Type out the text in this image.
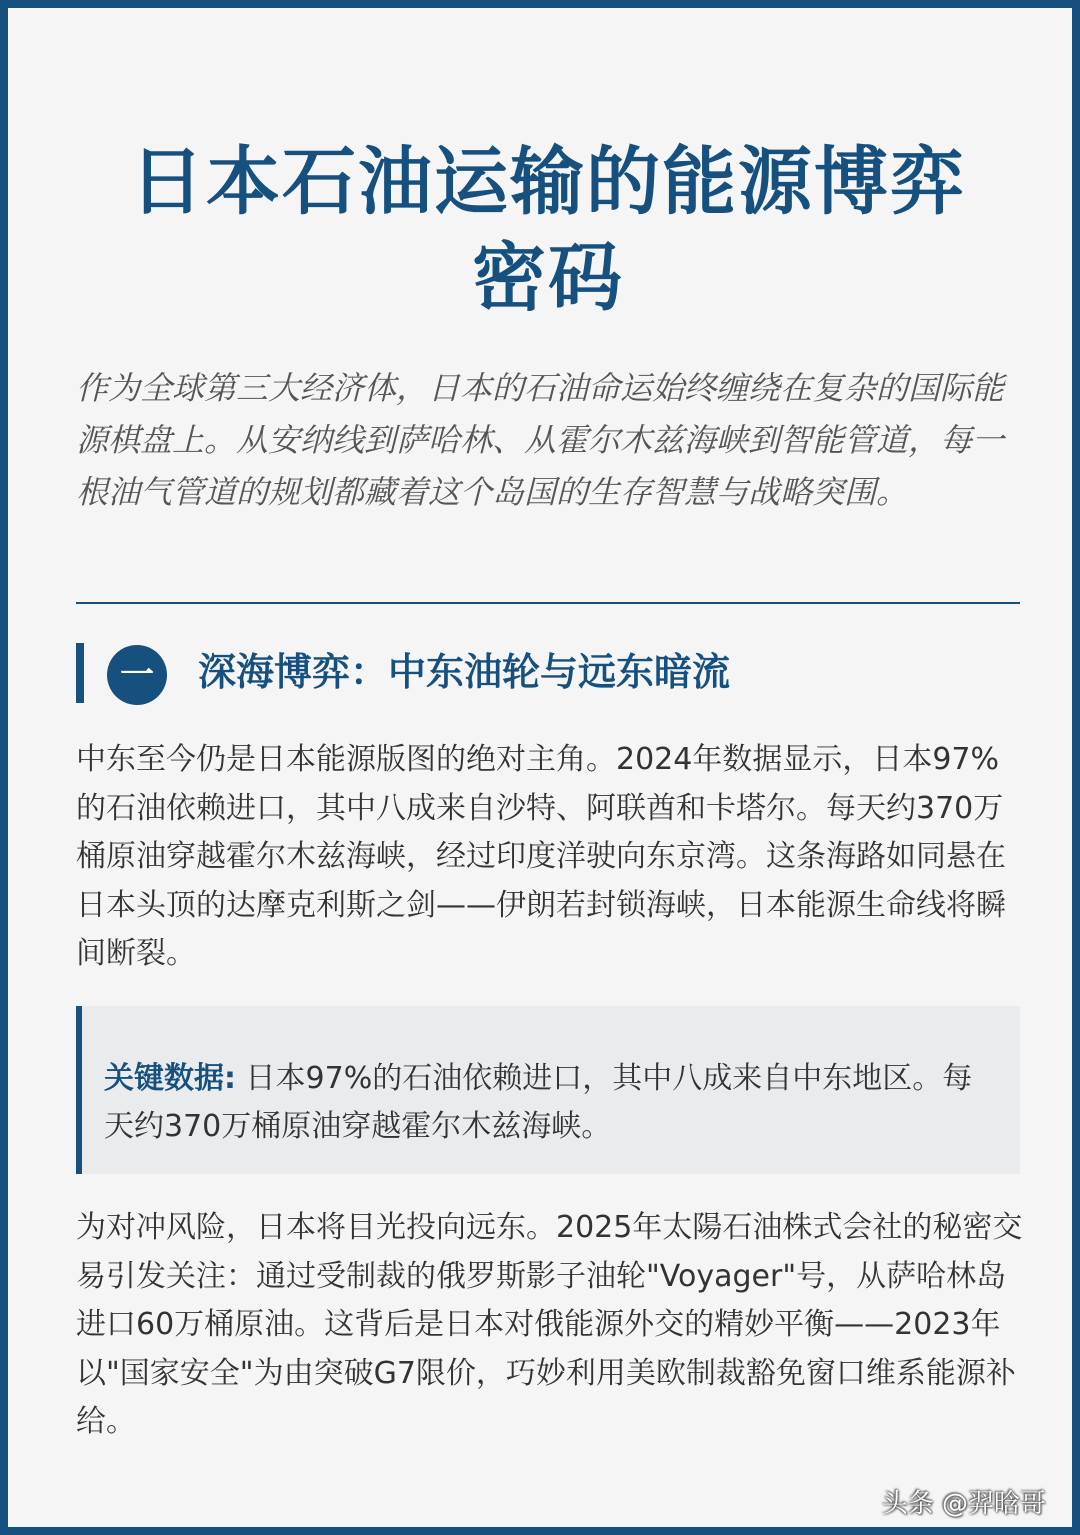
日本石油运输的能源博弈
密码

作为全球第三大经济体，日本的石油命运始终缠绕在复杂的国际能源棋盘上。从安纳线到萨哈林、从霍尔木兹海峡到智能管道，每一根油气管道的规划都藏着这个岛国的生存智慧与战略突围。

一	深海博弈：中东油轮与远东暗流

中东至今仍是日本能源版图的绝对主角。2024年数据显示，日本97%的石油依赖进口，其中八成来自沙特、阿联酋和卡塔尔。每天约370万桶原油穿越霍尔木兹海峡，经过印度洋驶向东京湾。这条海路如同悬在日本头顶的达摩克利斯之剑——伊朗若封锁海峡，日本能源生命线将瞬间断裂。

关键数据: 日本97%的石油依赖进口，其中八成来自中东地区。每天约370万桶原油穿越霍尔木兹海峡。

为对冲风险，日本将目光投向远东。2025年太陽石油株式会社的秘密交易引发关注：通过受制裁的俄罗斯影子油轮"Voyager"号，从萨哈林岛进口60万桶原油。这背后是日本对俄能源外交的精妙平衡——2023年以"国家安全"为由突破G7限价，巧妙利用美欧制裁豁免窗口维系能源补给。

头条 @羿晗哥
